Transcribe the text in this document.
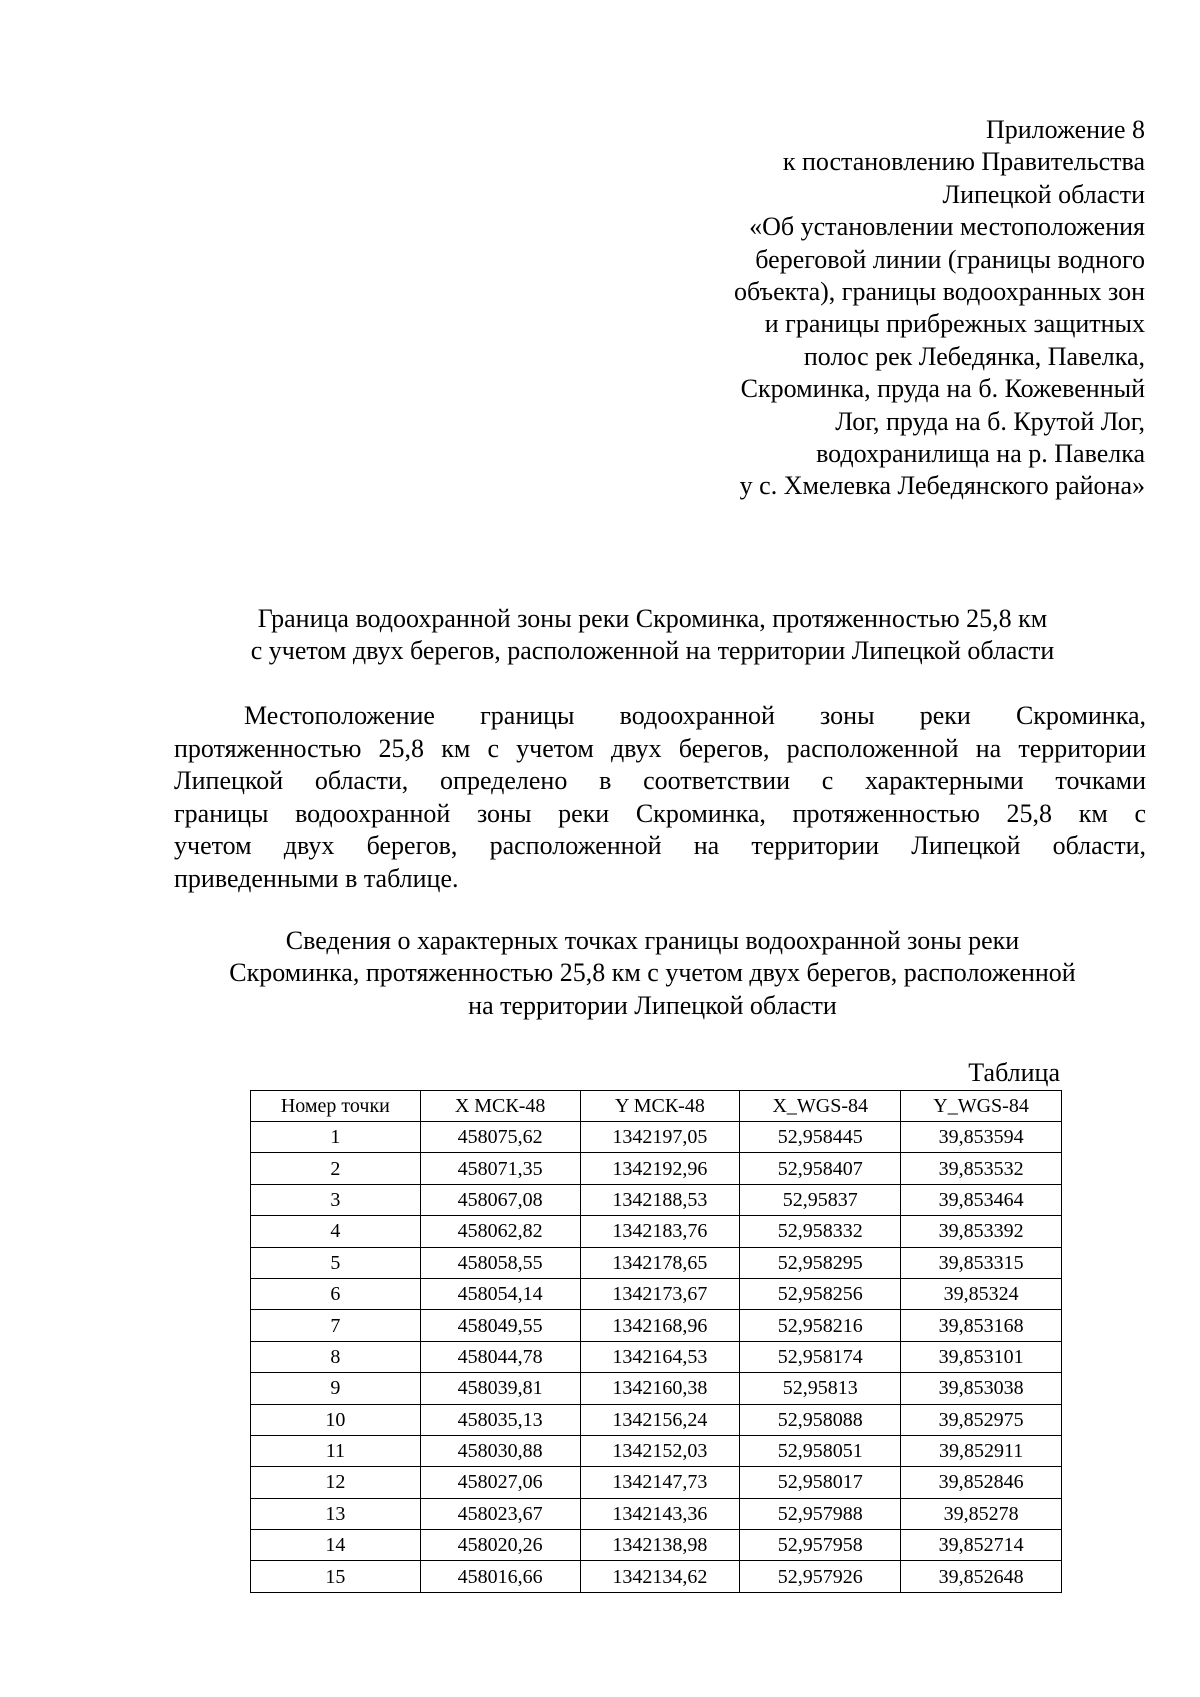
Приложение 8
к постановлению Правительства
Липецкой области
«Об установлении местоположения
береговой линии (границы водного
объекта), границы водоохранных зон
и границы прибрежных защитных
полос рек Лебедянка, Павелка,
Скроминка, пруда на б. Кожевенный
Лог, пруда на б. Крутой Лог,
водохранилища на р. Павелка
у с. Хмелевка Лебедянского района»
Граница водоохранной зоны реки Скроминка, протяженностью 25,8 км
с учетом двух берегов, расположенной на территории Липецкой области
Местоположение границы водоохранной зоны реки Скроминка,
протяженностью 25,8 км с учетом двух берегов, расположенной на территории
Липецкой области, определено в соответствии с характерными точками
границы водоохранной зоны реки Скроминка, протяженностью 25,8 км с
учетом двух берегов, расположенной на территории Липецкой области,
приведенными в таблице.
Сведения о характерных точках границы водоохранной зоны реки
Скроминка, протяженностью 25,8 км с учетом двух берегов, расположенной
на территории Липецкой области
Таблица
Номер точки	X МСК-48	Y МСК-48	X_WGS-84	Y_WGS-84
1	458075,62	1342197,05	52,958445	39,853594
2	458071,35	1342192,96	52,958407	39,853532
3	458067,08	1342188,53	52,95837	39,853464
4	458062,82	1342183,76	52,958332	39,853392
5	458058,55	1342178,65	52,958295	39,853315
6	458054,14	1342173,67	52,958256	39,85324
7	458049,55	1342168,96	52,958216	39,853168
8	458044,78	1342164,53	52,958174	39,853101
9	458039,81	1342160,38	52,95813	39,853038
10	458035,13	1342156,24	52,958088	39,852975
11	458030,88	1342152,03	52,958051	39,852911
12	458027,06	1342147,73	52,958017	39,852846
13	458023,67	1342143,36	52,957988	39,85278
14	458020,26	1342138,98	52,957958	39,852714
15	458016,66	1342134,62	52,957926	39,852648
